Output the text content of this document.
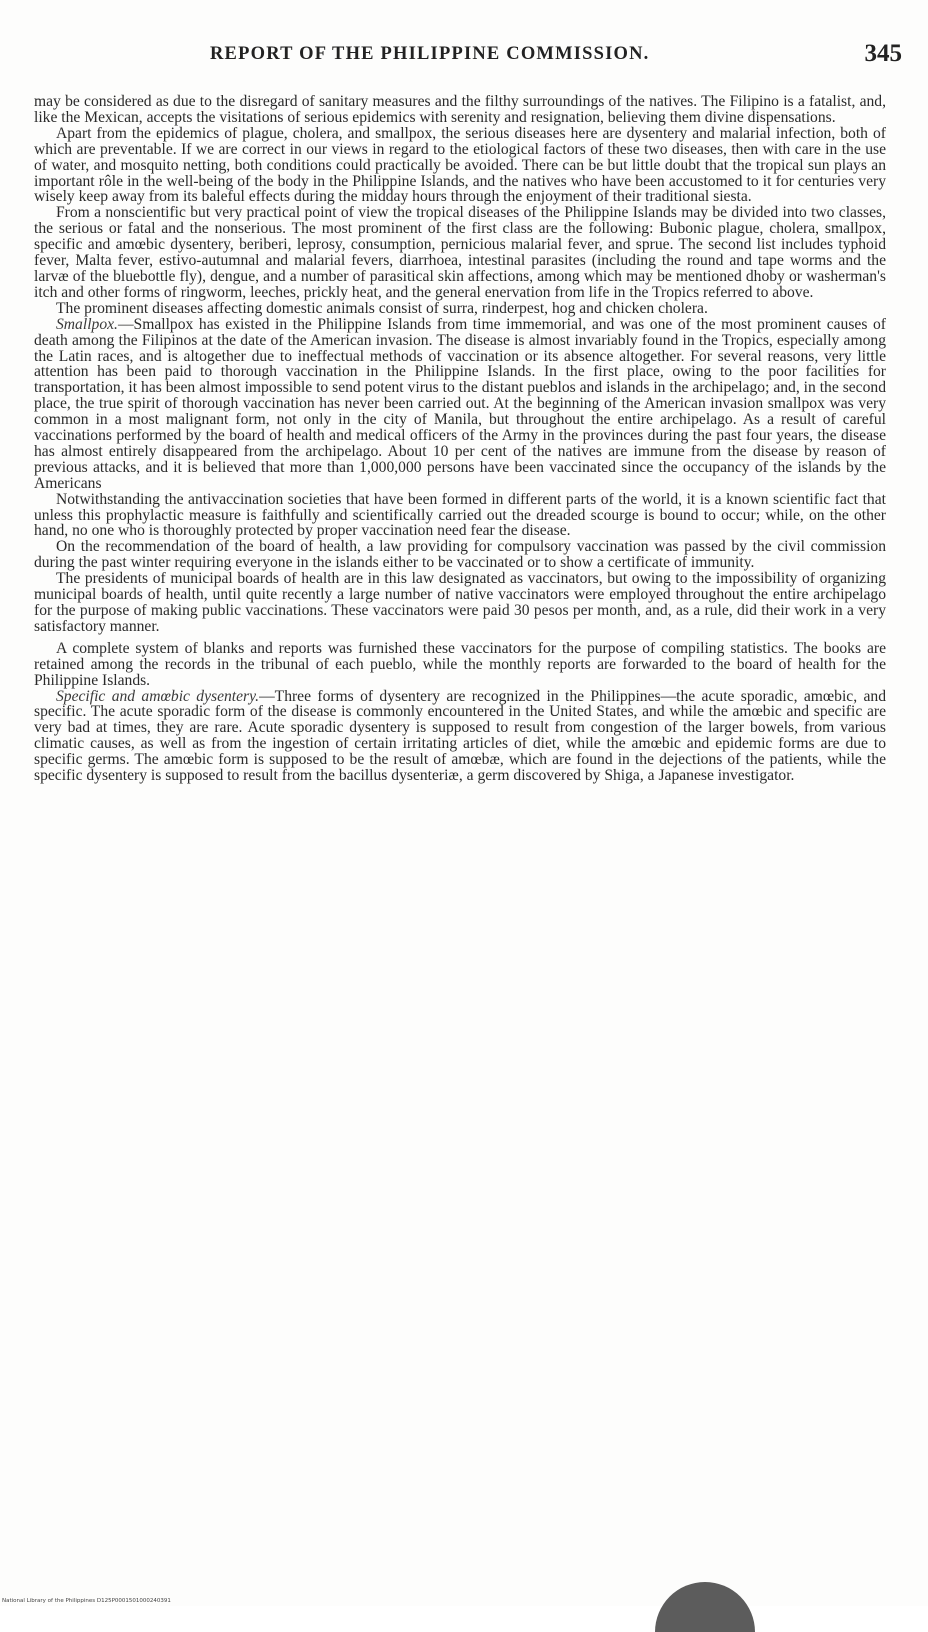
REPORT OF THE PHILIPPINE COMMISSION.	345

may be considered as due to the disregard of sanitary measures and the filthy surroundings of the natives. The Filipino is a fatalist, and, like the Mexican, accepts the visitations of serious epidemics with serenity and resignation, believing them divine dispensations.

Apart from the epidemics of plague, cholera, and smallpox, the serious diseases here are dysentery and malarial infection, both of which are preventable. If we are correct in our views in regard to the etiological factors of these two diseases, then with care in the use of water, and mosquito netting, both conditions could practically be avoided. There can be but little doubt that the tropical sun plays an important rôle in the well-being of the body in the Philippine Islands, and the natives who have been accustomed to it for centuries very wisely keep away from its baleful effects during the midday hours through the enjoyment of their traditional siesta.

From a nonscientific but very practical point of view the tropical diseases of the Philippine Islands may be divided into two classes, the serious or fatal and the nonserious. The most prominent of the first class are the following: Bubonic plague, cholera, smallpox, specific and amœbic dysentery, beriberi, leprosy, consumption, pernicious malarial fever, and sprue. The second list includes typhoid fever, Malta fever, estivo-autumnal and malarial fevers, diarrhoea, intestinal parasites (including the round and tape worms and the larvæ of the bluebottle fly), dengue, and a number of parasitical skin affections, among which may be mentioned dhoby or washerman's itch and other forms of ringworm, leeches, prickly heat, and the general enervation from life in the Tropics referred to above.

The prominent diseases affecting domestic animals consist of surra, rinderpest, hog and chicken cholera.

Smallpox.—Smallpox has existed in the Philippine Islands from time immemorial, and was one of the most prominent causes of death among the Filipinos at the date of the American invasion. The disease is almost invariably found in the Tropics, especially among the Latin races, and is altogether due to ineffectual methods of vaccination or its absence altogether. For several reasons, very little attention has been paid to thorough vaccination in the Philippine Islands. In the first place, owing to the poor facilities for transportation, it has been almost impossible to send potent virus to the distant pueblos and islands in the archipelago; and, in the second place, the true spirit of thorough vaccination has never been carried out. At the beginning of the American invasion smallpox was very common in a most malignant form, not only in the city of Manila, but throughout the entire archipelago. As a result of careful vaccinations performed by the board of health and medical officers of the Army in the provinces during the past four years, the disease has almost entirely disappeared from the archipelago. About 10 per cent of the natives are immune from the disease by reason of previous attacks, and it is believed that more than 1,000,000 persons have been vaccinated since the occupancy of the islands by the Americans

Notwithstanding the antivaccination societies that have been formed in different parts of the world, it is a known scientific fact that unless this prophylactic measure is faithfully and scientifically carried out the dreaded scourge is bound to occur; while, on the other hand, no one who is thoroughly protected by proper vaccination need fear the disease.

On the recommendation of the board of health, a law providing for compulsory vaccination was passed by the civil commission during the past winter requiring everyone in the islands either to be vaccinated or to show a certificate of immunity.

The presidents of municipal boards of health are in this law designated as vaccinators, but owing to the impossibility of organizing municipal boards of health, until quite recently a large number of native vaccinators were employed throughout the entire archipelago for the purpose of making public vaccinations. These vaccinators were paid 30 pesos per month, and, as a rule, did their work in a very satisfactory manner.

A complete system of blanks and reports was furnished these vaccinators for the purpose of compiling statistics. The books are retained among the records in the tribunal of each pueblo, while the monthly reports are forwarded to the board of health for the Philippine Islands.

Specific and amœbic dysentery.—Three forms of dysentery are recognized in the Philippines—the acute sporadic, amœbic, and specific. The acute sporadic form of the disease is commonly encountered in the United States, and while the amœbic and specific are very bad at times, they are rare. Acute sporadic dysentery is supposed to result from congestion of the larger bowels, from various climatic causes, as well as from the ingestion of certain irritating articles of diet, while the amœbic and epidemic forms are due to specific germs. The amœbic form is supposed to be the result of amœbæ, which are found in the dejections of the patients, while the specific dysentery is supposed to result from the bacillus dysenteriæ, a germ discovered by Shiga, a Japanese investigator.

National Library of the Philippines D125P0001501000240391
